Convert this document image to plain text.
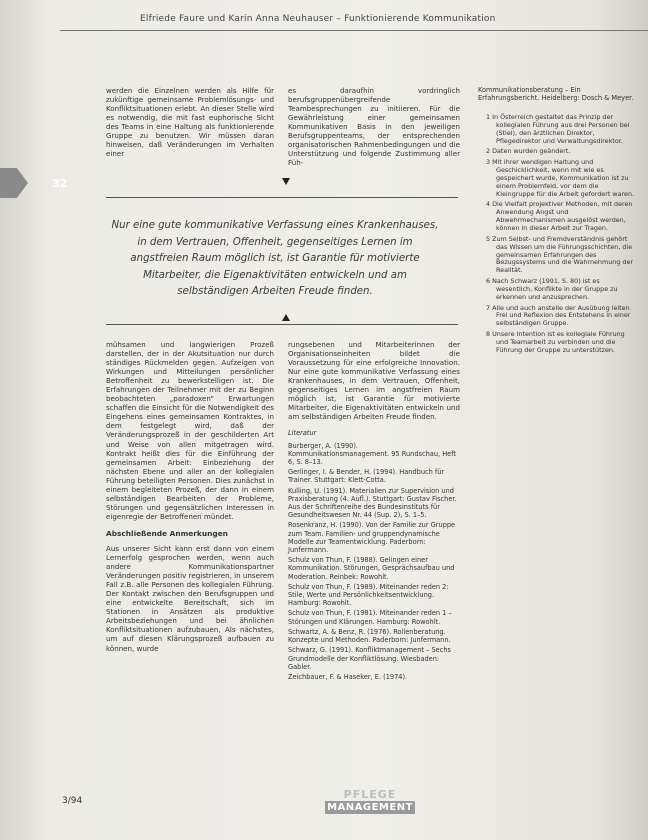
Elfriede Faure und Karin Anna Neuhauser – Funktionierende Kommunikation
32

werden die Einzelnen werden als Hilfe für zukünftige gemeinsame Problemlösungs- und Konfliktsituationen erlebt. An dieser Stelle wird es notwendig, die mit fast euphorische Sicht des Teams in eine Haltung als funktionierende Gruppe zu benutzen. Wir müssen daran hinweisen, daß Veränderungen im Verhalten einer

es daraufhin vordringlich berufsgruppenübergreifende Teambesprechungen zu initiieren. Für die Gewährleistung einer gemeinsamen Kommunikativen Basis in den jeweiligen Berufsgruppenteams, der entsprechenden organisatorischen Rahmenbedingungen und die Unterstützung und folgende Zustimmung aller Füh-

Kommunikationsberatung – Ein Erfahrungsbericht. Heidelberg: Dosch & Meyer.

Nur eine gute kommunikative Verfassung eines Krankenhauses, in dem Vertrauen, Offenheit, gegenseitiges Lernen im angstfreien Raum möglich ist, ist Garantie für motivierte Mitarbeiter, die Eigenaktivitäten entwickeln und am selbständigen Arbeiten Freude finden.

mühsamen und langwierigen Prozeß darstellen, der in der Akutsituation nur durch ständiges Rückmelden gegen. Aufzeigen von Wirkungen und Mitteilungen persönlicher Betroffenheit zu bewerkstelligen ist. Die Erfahrungen der Teilnehmer mit der zu Beginn beobachteten „paradoxen“ Erwartungen schaffen die Einsicht für die Notwendigkeit des Eingehens eines gemeinsamen Kontraktes, in dem festgelegt wird, daß der Veränderungsprozeß in der geschilderten Art und Weise von allen mitgetragen wird. Kontrakt heißt dies für die Einführung der gemeinsamen Arbeit: Einbeziehung der nächsten Ebene und aller an der kollegialen Führung beteiligten Personen. Dies zunächst in einem begleiteten Prozeß, der dann in einem selbständigen Bearbeiten der Probleme, Störungen und gegensätzlichen Interessen in eigenregie der Betroffenen mündet.

Abschließende Anmerkungen

Aus unserer Sicht kann erst dann von einem Lernerfolg gesprochen werden, wenn auch andere Kommunikationspartner Veränderungen positiv registrieren, in unserem Fall z.B. alle Personen des kollegialen Führung. Der Kontakt zwischen den Berufsgruppen und eine entwickelte Bereitschaft, sich im Stationen in Ansätzen als produktive Arbeitsbeziehungen und bei ähnlichen Konfliktsituationen aufzubauen, Als nächstes, um auf diesen Klärungsprozeß aufbauen zu können, wurde

rungsebenen und Mitarbeiterinnen der Organisationseinheiten bildet die Voraussetzung für eine erfolgreiche Innovation. Nur eine gute kommunikative Verfassung eines Krankenhauses, in dem Vertrauen, Offenheit, gegenseitiges Lernen im angstfreien Raum möglich ist, ist Garantie für motivierte Mitarbeiter, die Eigenaktivitäten entwickeln und am selbständigen Arbeiten Freude finden.

Literatur

Burberger, A. (1990). Kommunikationsmanagement. 95 Rundschau, Heft 6, S. 8–13.

Gerlinger, I. & Bender, H. (1994). Handbuch für Trainer. Stuttgart: Klett-Cotta.

Kulling, U. (1991). Materialien zur Supervision und Praxisberatung (4. Aufl.). Stuttgart: Gustav Fischer. Aus der Schriftenreihe des Bundesinstituts für Gesundheitswesen Nr. 44 (Sup. 2), S. 1–5.

Rosenkranz, H. (1990). Von der Familie zur Gruppe zum Team. Familien- und gruppendynamische Modelle zur Teamentwicklung. Paderborn: Junfermann.

Schulz von Thun, F. (1988). Gelingen einer Kommunikation. Störungen, Gesprächsaufbau und Moderation. Reinbek: Rowohlt.

Schulz von Thun, F. (1989). Miteinander reden 2: Stile, Werte und Persönlichkeitsentwicklung. Hamburg: Rowohlt.

Schulz von Thun, F. (1981). Miteinander reden 1 – Störungen und Klärungen. Hamburg: Rowohlt.

Schwartz, A. & Benz, R. (1976). Rollenberatung. Konzepte und Methoden. Paderborn: Junfermann.

Schwarz, G. (1991). Konfliktmanagement – Sechs Grundmodelle der Konfliktlösung. Wiesbaden: Gabler.

Zeichbauer, F. & Haseker, E. (1974).

1 In Österreich gestaltet das Prinzip der kollegialen Führung aus drei Personen bei (Stiel), den ärztlichen Direktor, Pflegedirektor und Verwaltungsdirektor.

2 Daten wurden geändert.

3 Mit ihrer wendigen Haltung und Geschicklichkeit, wenn mit wie es gespeichert wurde, Kommunikation ist zu einem Problemfeld, vor dem die Kleingruppe für die Arbeit gefordert waren.

4 Die Vielfalt projektiver Methoden, mit deren Anwendung Angst und Abwehrmechanismen ausgelöst werden, können in dieser Arbeit zur Tragen.

5 Zum Selbst- und Fremdverständnis gehört das Wissen um die Führungsschichten, die gemeinsamen Erfahrungen des Bezugssystems und die Wahrnehmung der Realität.

6 Nach Schwarz (1991, S. 80) ist es wesentlich, Konflikte in der Gruppe zu erkennen und anzusprechen.

7 Alle und auch anstelle der Ausübung leiten Frei und Reflexion des Entstehens in einer selbständigen Gruppe.

8 Unsere Intention ist es kollegiale Führung und Teamarbeit zu verbinden und die Führung der Gruppe zu unterstützen.

3/94	PFLEGE
MANAGEMENT
